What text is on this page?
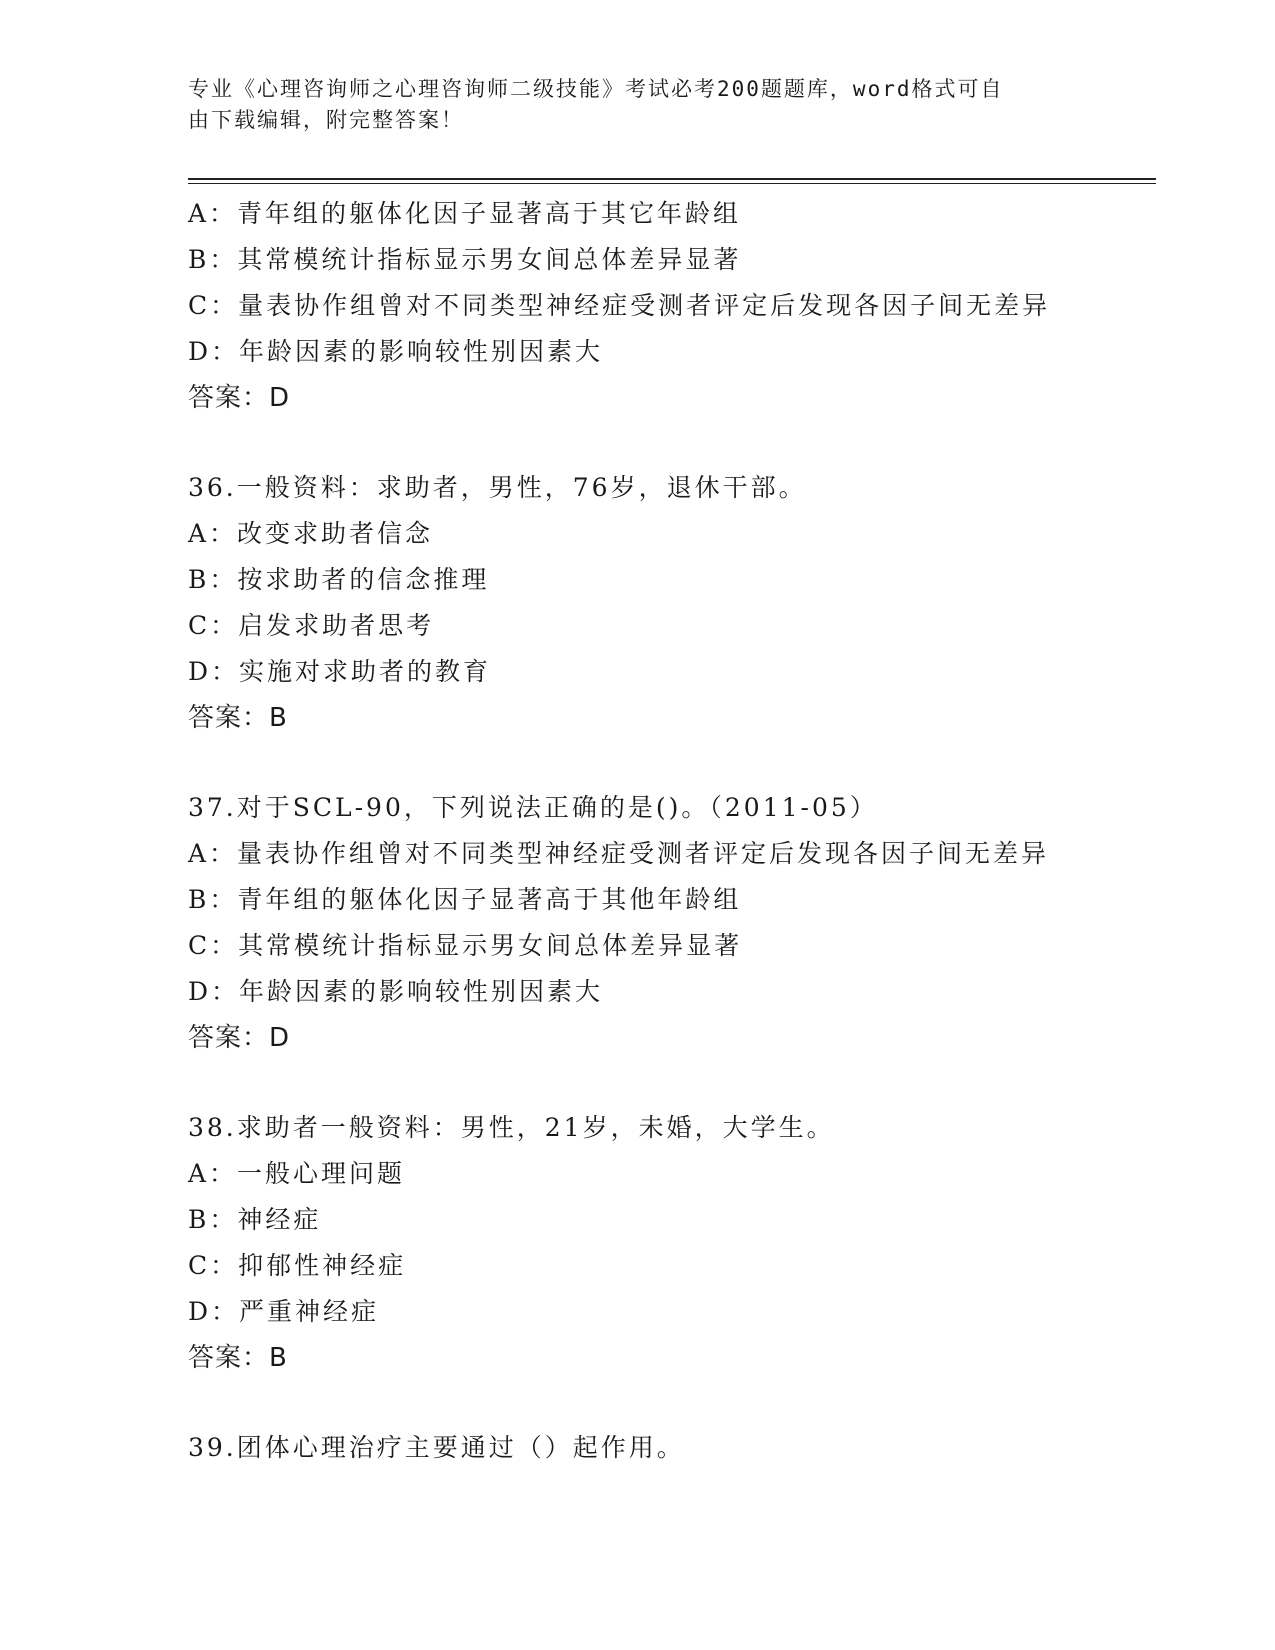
专业《心理咨询师之心理咨询师二级技能》考试必考200题题库，word格式可自
由下载编辑，附完整答案！
A：青年组的躯体化因子显著高于其它年龄组
B：其常模统计指标显示男女间总体差异显著
C：量表协作组曾对不同类型神经症受测者评定后发现各因子间无差异
D：年龄因素的影响较性别因素大
答案：D
36.一般资料：求助者，男性，76岁，退休干部。
A：改变求助者信念
B：按求助者的信念推理
C：启发求助者思考
D：实施对求助者的教育
答案：B
37.对于SCL-90，下列说法正确的是()。（2011-05）
A：量表协作组曾对不同类型神经症受测者评定后发现各因子间无差异
B：青年组的躯体化因子显著高于其他年龄组
C：其常模统计指标显示男女间总体差异显著
D：年龄因素的影响较性别因素大
答案：D
38.求助者一般资料：男性，21岁，未婚，大学生。
A：一般心理问题
B：神经症
C：抑郁性神经症
D：严重神经症
答案：B
39.团体心理治疗主要通过（）起作用。
